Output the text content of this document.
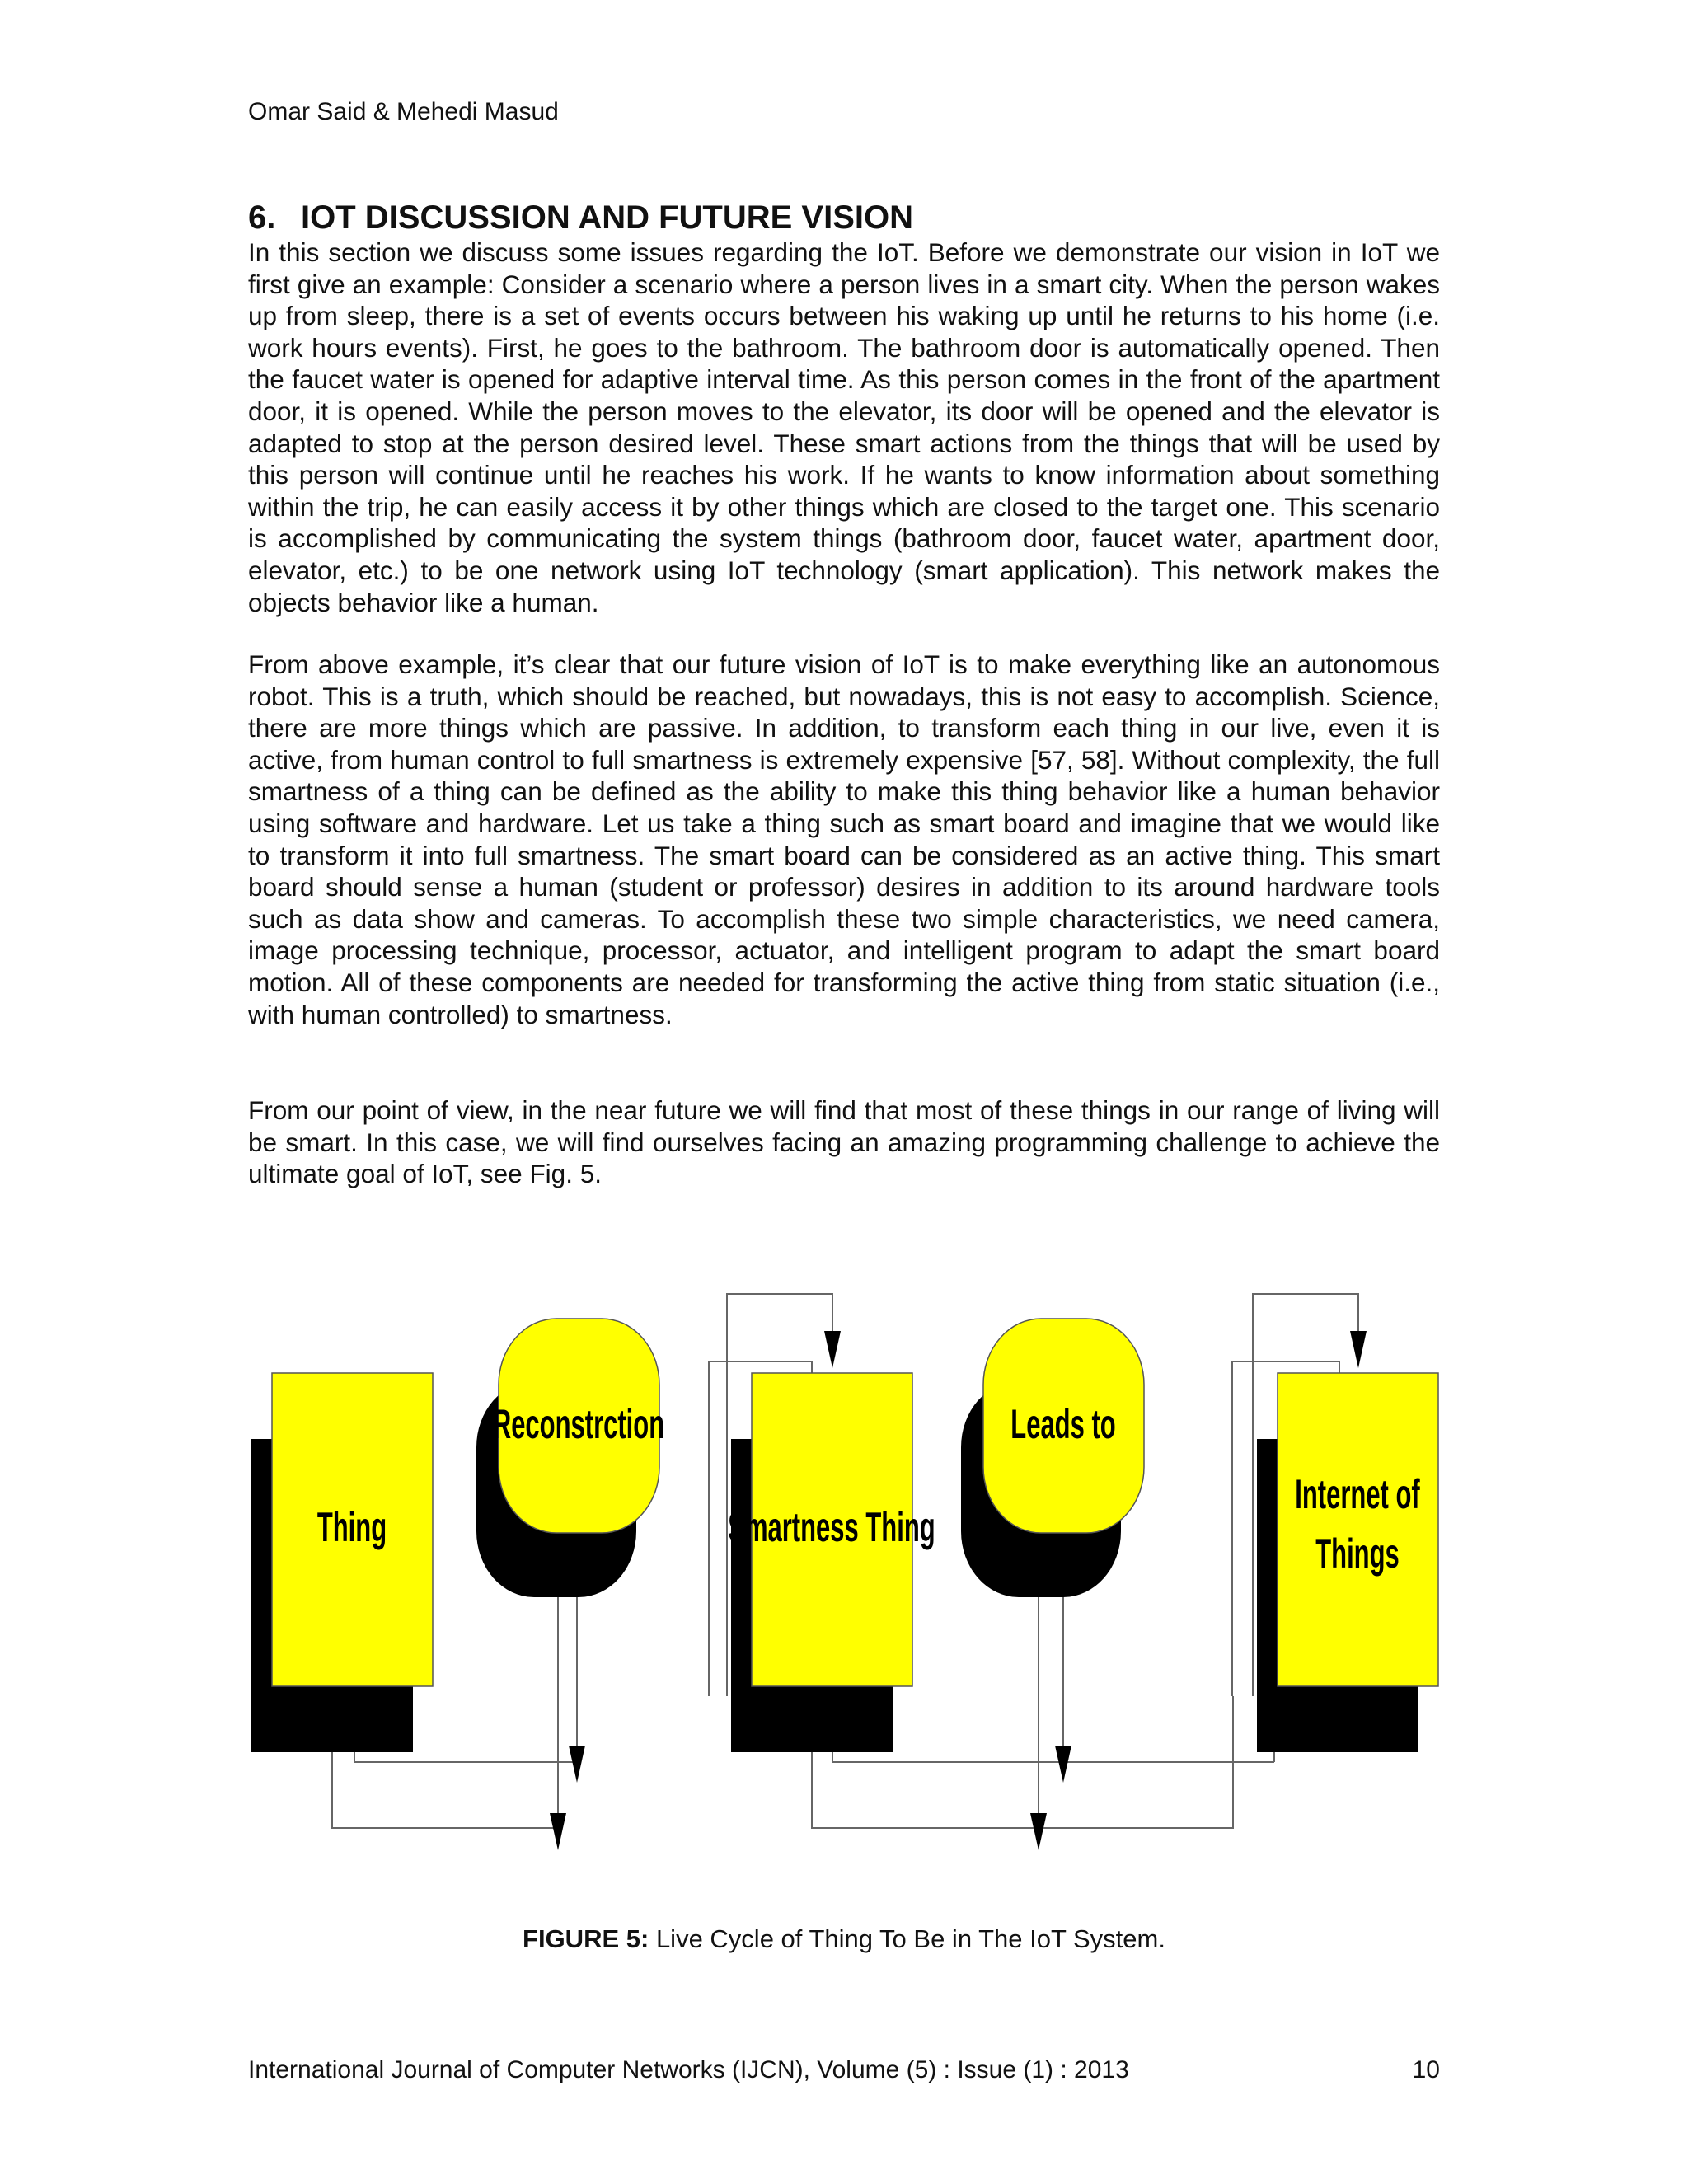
Omar Said & Mehedi Masud
6. IOT DISCUSSION AND FUTURE VISION

In this section we discuss some issues regarding the IoT. Before we demonstrate our vision in IoT we first give an example: Consider a scenario where a person lives in a smart city. When the person wakes up from sleep, there is a set of events occurs between his waking up until he returns to his home (i.e. work hours events). First, he goes to the bathroom. The bathroom door is automatically opened. Then the faucet water is opened for adaptive interval time. As this person comes in the front of the apartment door, it is opened. While the person moves to the elevator, its door will be opened and the elevator is adapted to stop at the person desired level. These smart actions from the things that will be used by this person will continue until he reaches his work. If he wants to know information about something within the trip, he can easily access it by other things which are closed to the target one. This scenario is accomplished by communicating the system things (bathroom door, faucet water, apartment door, elevator, etc.) to be one network using IoT technology (smart application). This network makes the objects behavior like a human.

From above example, it’s clear that our future vision of IoT is to make everything like an autonomous robot. This is a truth, which should be reached, but nowadays, this is not easy to accomplish. Science, there are more things which are passive. In addition, to transform each thing in our live, even it is active, from human control to full smartness is extremely expensive [57, 58]. Without complexity, the full smartness of a thing can be defined as the ability to make this thing behavior like a human behavior using software and hardware. Let us take a thing such as smart board and imagine that we would like to transform it into full smartness. The smart board can be considered as an active thing. This smart board should sense a human (student or professor) desires in addition to its around hardware tools such as data show and cameras. To accomplish these two simple characteristics, we need camera, image processing technique, processor, actuator, and intelligent program to adapt the smart board motion. All of these components are needed for transforming the active thing from static situation (i.e., with human controlled) to smartness.

From our point of view, in the near future we will find that most of these things in our range of living will be smart. In this case, we will find ourselves facing an amazing programming challenge to achieve the ultimate goal of IoT, see Fig. 5.

Thing
Reconstrction
Smartness Thing
Leads to
Internet of
Things
FIGURE 5: Live Cycle of Thing To Be in The IoT System.
International Journal of Computer Networks (IJCN), Volume (5) : Issue (1) : 2013	10
